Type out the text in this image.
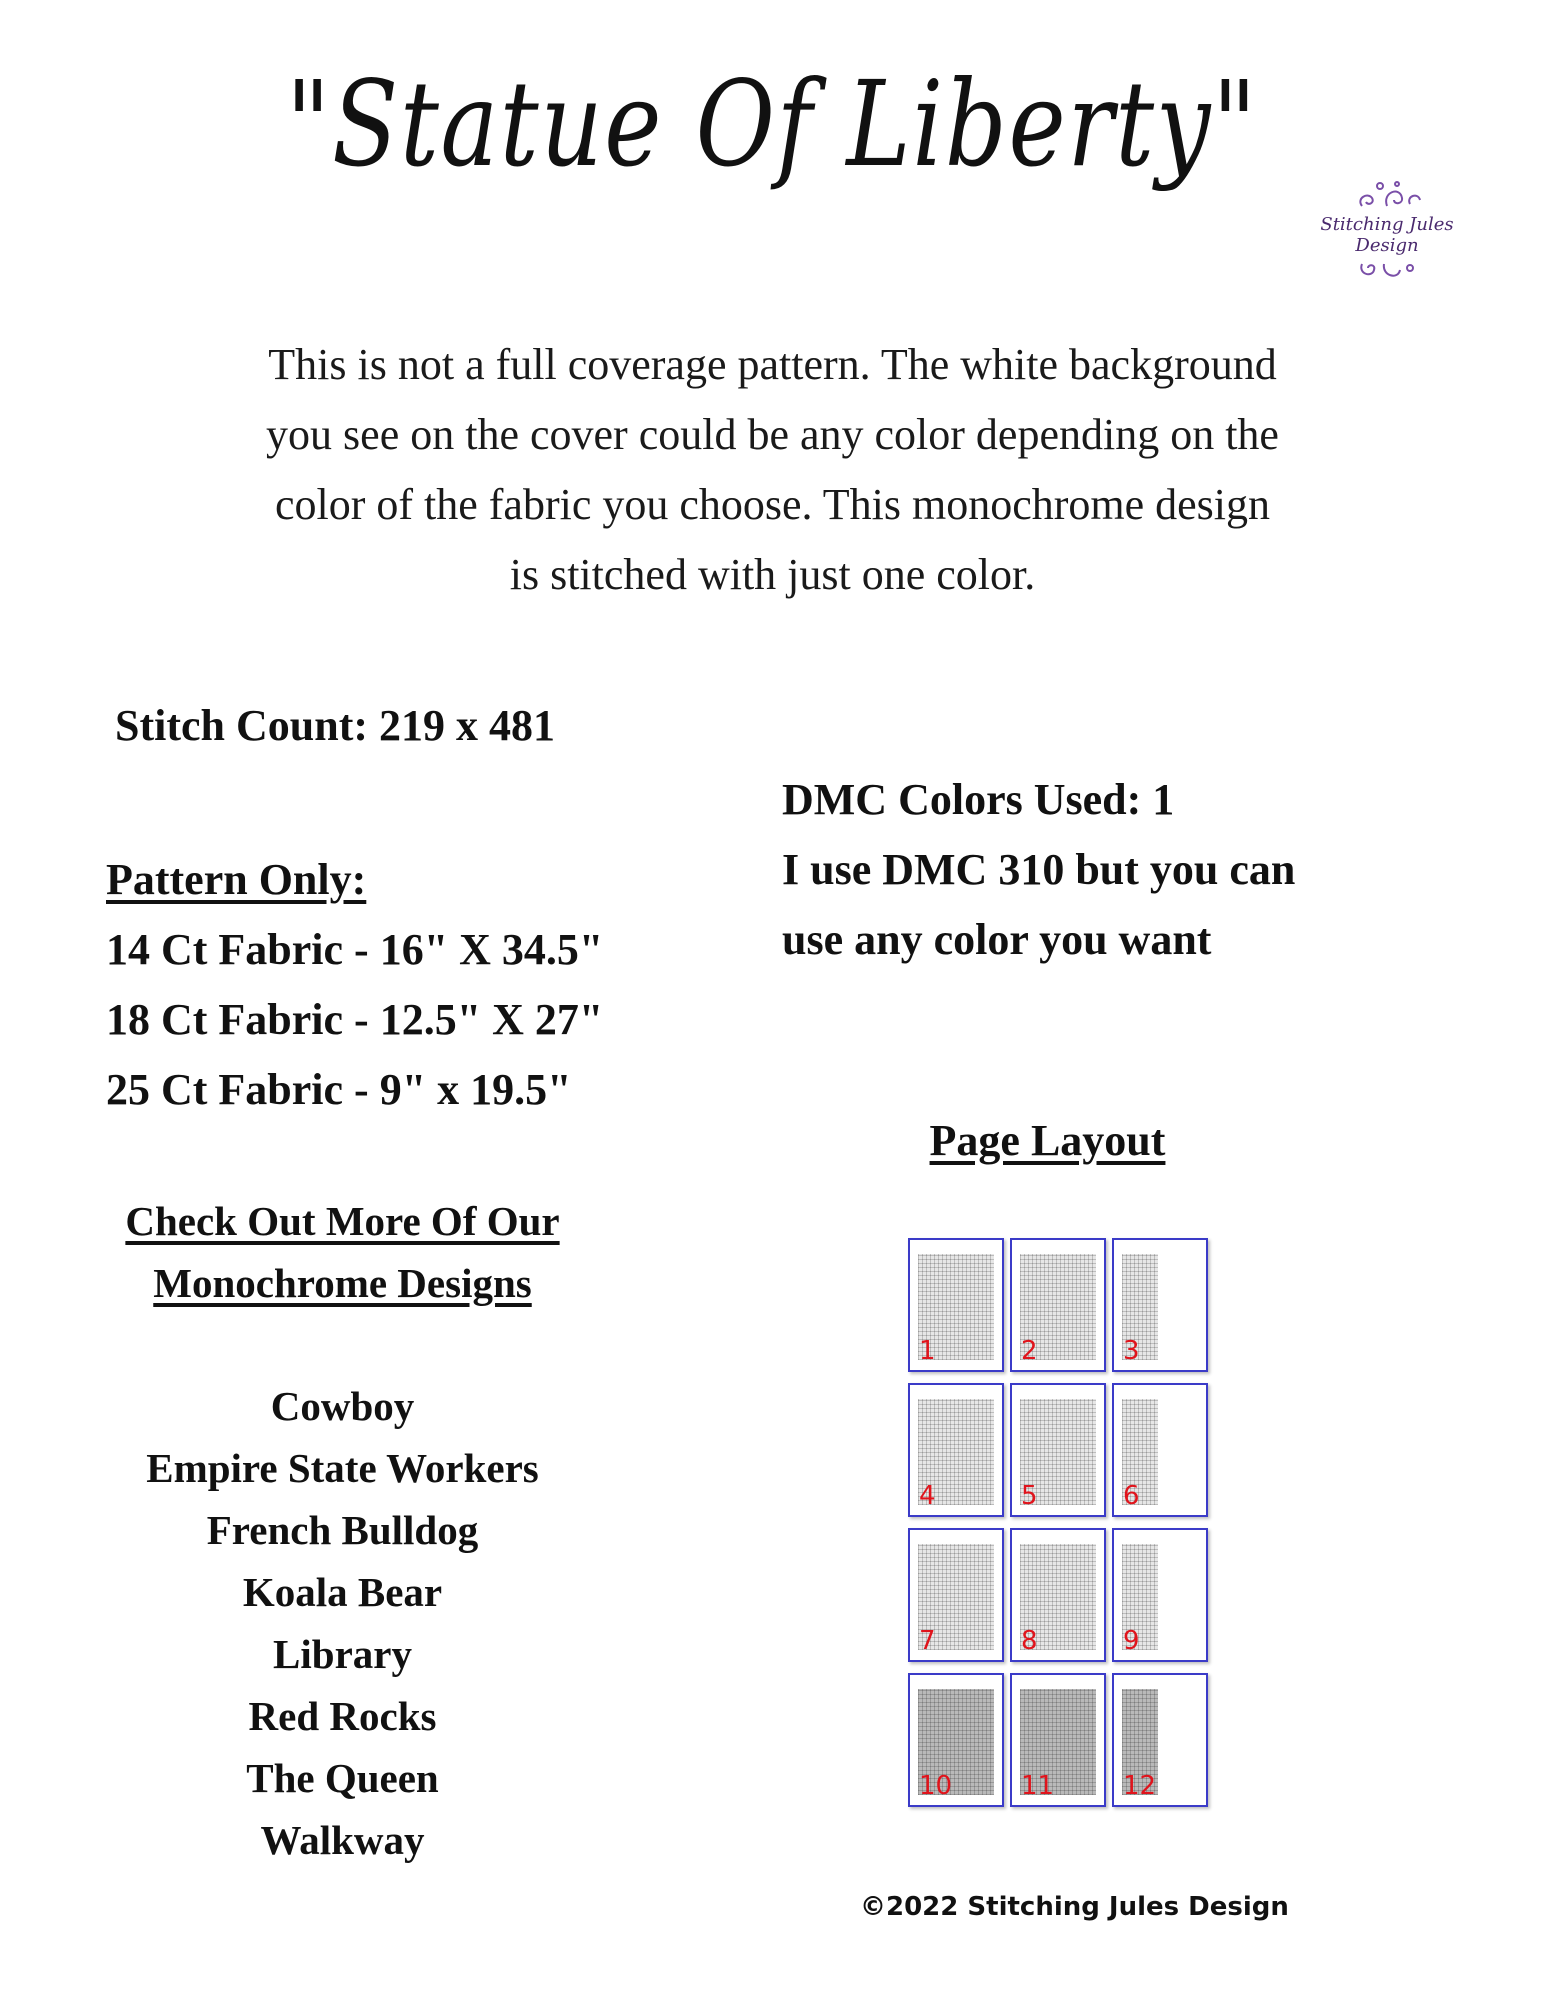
"Statue Of Liberty"
Stitching Jules Design
This is not a full coverage pattern. The white background
you see on the cover could be any color depending on the
color of the fabric you choose. This monochrome design
is stitched with just one color.
Stitch Count: 219 x 481
DMC Colors Used: 1
I use DMC 310 but you can
use any color you want
Pattern Only:
14 Ct Fabric - 16" X 34.5"
18 Ct Fabric - 12.5" X 27"
25 Ct Fabric - 9" x 19.5"
Check Out More Of Our
Monochrome Designs
Cowboy
Empire State Workers
French Bulldog
Koala Bear
Library
Red Rocks
The Queen
Walkway
Page Layout
1	2	3
4	5	6
7	8	9
10	11	12
©2022 Stitching Jules Design
